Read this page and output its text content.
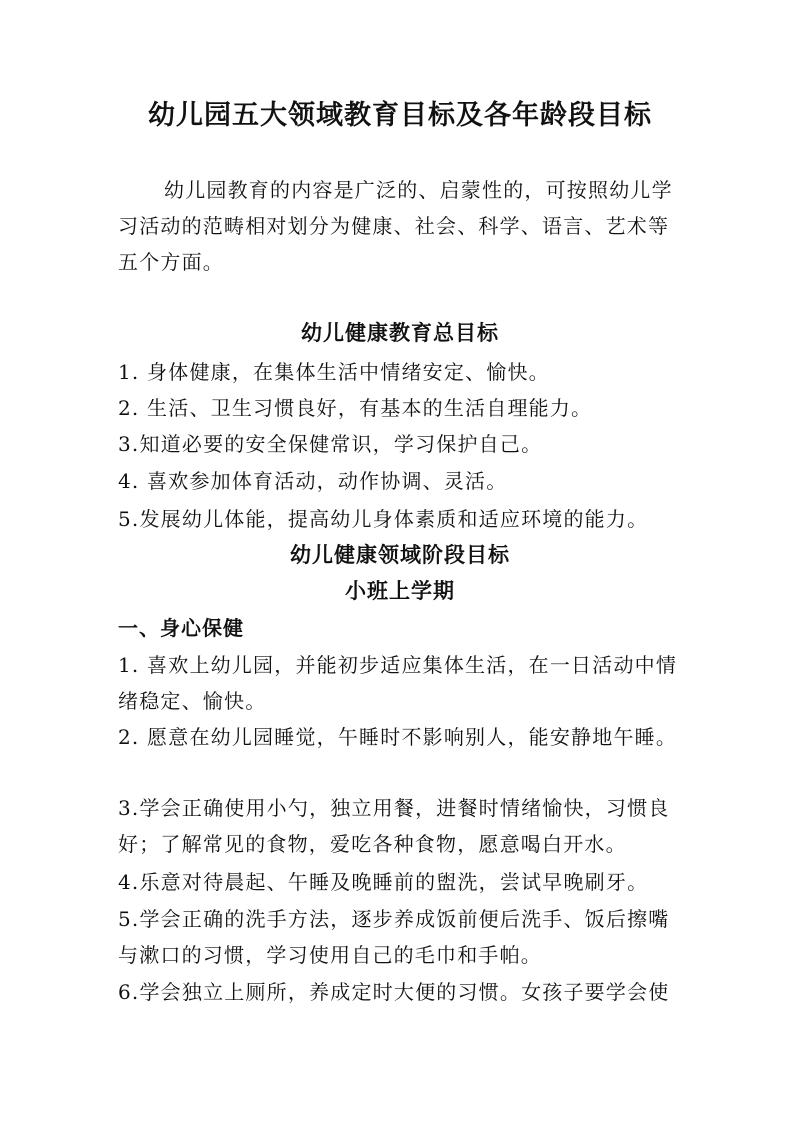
幼儿园五大领域教育目标及各年龄段目标
幼儿园教育的内容是广泛的、启蒙性的，可按照幼儿学
习活动的范畴相对划分为健康、社会、科学、语言、艺术等
五个方面。
幼儿健康教育总目标
1. 身体健康，在集体生活中情绪安定、愉快。
2. 生活、卫生习惯良好，有基本的生活自理能力。
3.知道必要的安全保健常识，学习保护自己。
4. 喜欢参加体育活动，动作协调、灵活。
5.发展幼儿体能，提高幼儿身体素质和适应环境的能力。
幼儿健康领域阶段目标
小班上学期
一、身心保健
1. 喜欢上幼儿园，并能初步适应集体生活，在一日活动中情
绪稳定、愉快。
2. 愿意在幼儿园睡觉，午睡时不影响别人，能安静地午睡。
3.学会正确使用小勺，独立用餐，进餐时情绪愉快，习惯良
好；了解常见的食物，爱吃各种食物，愿意喝白开水。
4.乐意对待晨起、午睡及晚睡前的盥洗，尝试早晚刷牙。
5.学会正确的洗手方法，逐步养成饭前便后洗手、饭后擦嘴
与漱口的习惯，学习使用自己的毛巾和手帕。
6.学会独立上厕所，养成定时大便的习惯。女孩子要学会使
